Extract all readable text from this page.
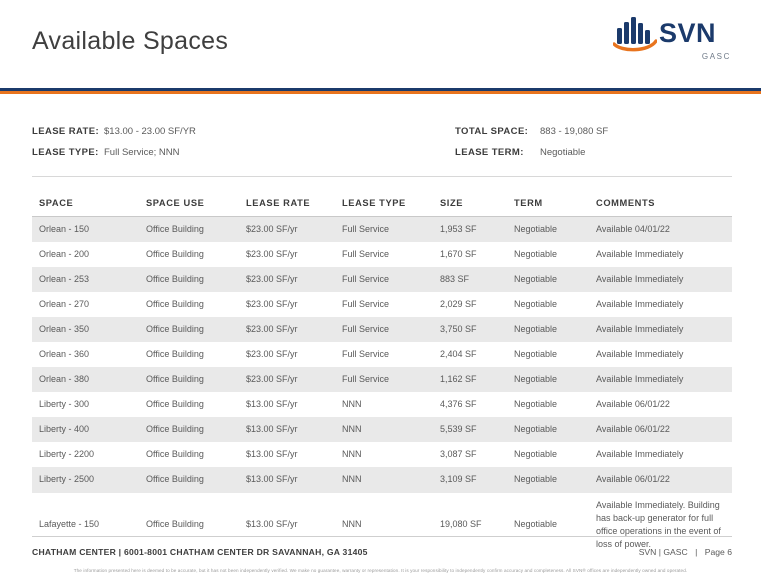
Available Spaces	SVN
GASC
LEASE RATE: $13.00 - 23.00 SF/YR
LEASE TYPE: Full Service; NNN
TOTAL SPACE: 883 - 19,080 SF
LEASE TERM: Negotiable
SPACE	SPACE USE	LEASE RATE	LEASE TYPE	SIZE	TERM	COMMENTS
Orlean - 150	Office Building	$23.00 SF/yr	Full Service	1,953 SF	Negotiable	Available 04/01/22
Orlean - 200	Office Building	$23.00 SF/yr	Full Service	1,670 SF	Negotiable	Available Immediately
Orlean - 253	Office Building	$23.00 SF/yr	Full Service	883 SF	Negotiable	Available Immediately
Orlean - 270	Office Building	$23.00 SF/yr	Full Service	2,029 SF	Negotiable	Available Immediately
Orlean - 350	Office Building	$23.00 SF/yr	Full Service	3,750 SF	Negotiable	Available Immediately
Orlean - 360	Office Building	$23.00 SF/yr	Full Service	2,404 SF	Negotiable	Available Immediately
Orlean - 380	Office Building	$23.00 SF/yr	Full Service	1,162 SF	Negotiable	Available Immediately
Liberty - 300	Office Building	$13.00 SF/yr	NNN	4,376 SF	Negotiable	Available 06/01/22
Liberty - 400	Office Building	$13.00 SF/yr	NNN	5,539 SF	Negotiable	Available 06/01/22
Liberty - 2200	Office Building	$13.00 SF/yr	NNN	3,087 SF	Negotiable	Available Immediately
Liberty - 2500	Office Building	$13.00 SF/yr	NNN	3,109 SF	Negotiable	Available 06/01/22
Lafayette - 150	Office Building	$13.00 SF/yr	NNN	19,080 SF	Negotiable	Available Immediately. Building has back-up generator for full office operations in the event of loss of power.
CHATHAM CENTER | 6001-8001 CHATHAM CENTER DR SAVANNAH, GA 31405	SVN | GASC | Page 6
The information presented here is deemed to be accurate, but it has not been independently verified. We make no guarantee, warranty or representation. It is your responsibility to independently confirm accuracy and completeness. All SVN® offices are independently owned and operated.
